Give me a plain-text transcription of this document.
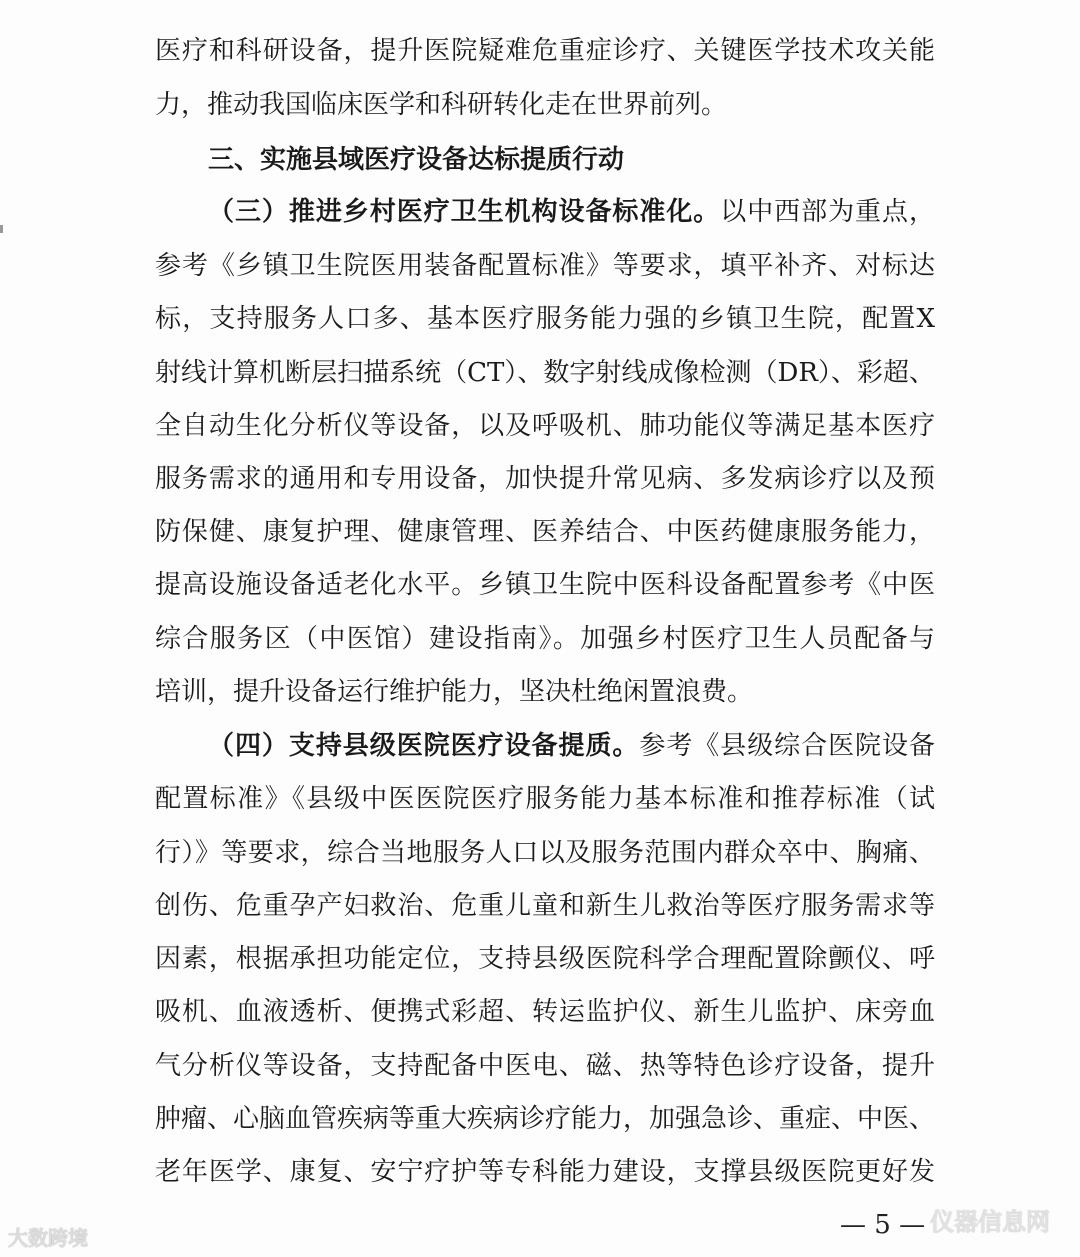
医疗和科研设备，提升医院疑难危重症诊疗、关键医学技术攻关能
力，推动我国临床医学和科研转化走在世界前列。
三、实施县域医疗设备达标提质行动
（三）推进乡村医疗卫生机构设备标准化。以中西部为重点，
参考《乡镇卫生院医用装备配置标准》等要求，填平补齐、对标达
标，支持服务人口多、基本医疗服务能力强的乡镇卫生院，配置X
射线计算机断层扫描系统（CT）、数字射线成像检测（DR）、彩超、
全自动生化分析仪等设备，以及呼吸机、肺功能仪等满足基本医疗
服务需求的通用和专用设备，加快提升常见病、多发病诊疗以及预
防保健、康复护理、健康管理、医养结合、中医药健康服务能力，
提高设施设备适老化水平。乡镇卫生院中医科设备配置参考《中医
综合服务区（中医馆）建设指南》。加强乡村医疗卫生人员配备与
培训，提升设备运行维护能力，坚决杜绝闲置浪费。
（四）支持县级医院医疗设备提质。参考《县级综合医院设备
配置标准》《县级中医医院医疗服务能力基本标准和推荐标准（试
行）》等要求，综合当地服务人口以及服务范围内群众卒中、胸痛、
创伤、危重孕产妇救治、危重儿童和新生儿救治等医疗服务需求等
因素，根据承担功能定位，支持县级医院科学合理配置除颤仪、呼
吸机、血液透析、便携式彩超、转运监护仪、新生儿监护、床旁血
气分析仪等设备，支持配备中医电、磁、热等特色诊疗设备，提升
肿瘤、心脑血管疾病等重大疾病诊疗能力，加强急诊、重症、中医、
老年医学、康复、安宁疗护等专科能力建设，支撑县级医院更好发
— 5 —
大数跨境
仪器信息网
